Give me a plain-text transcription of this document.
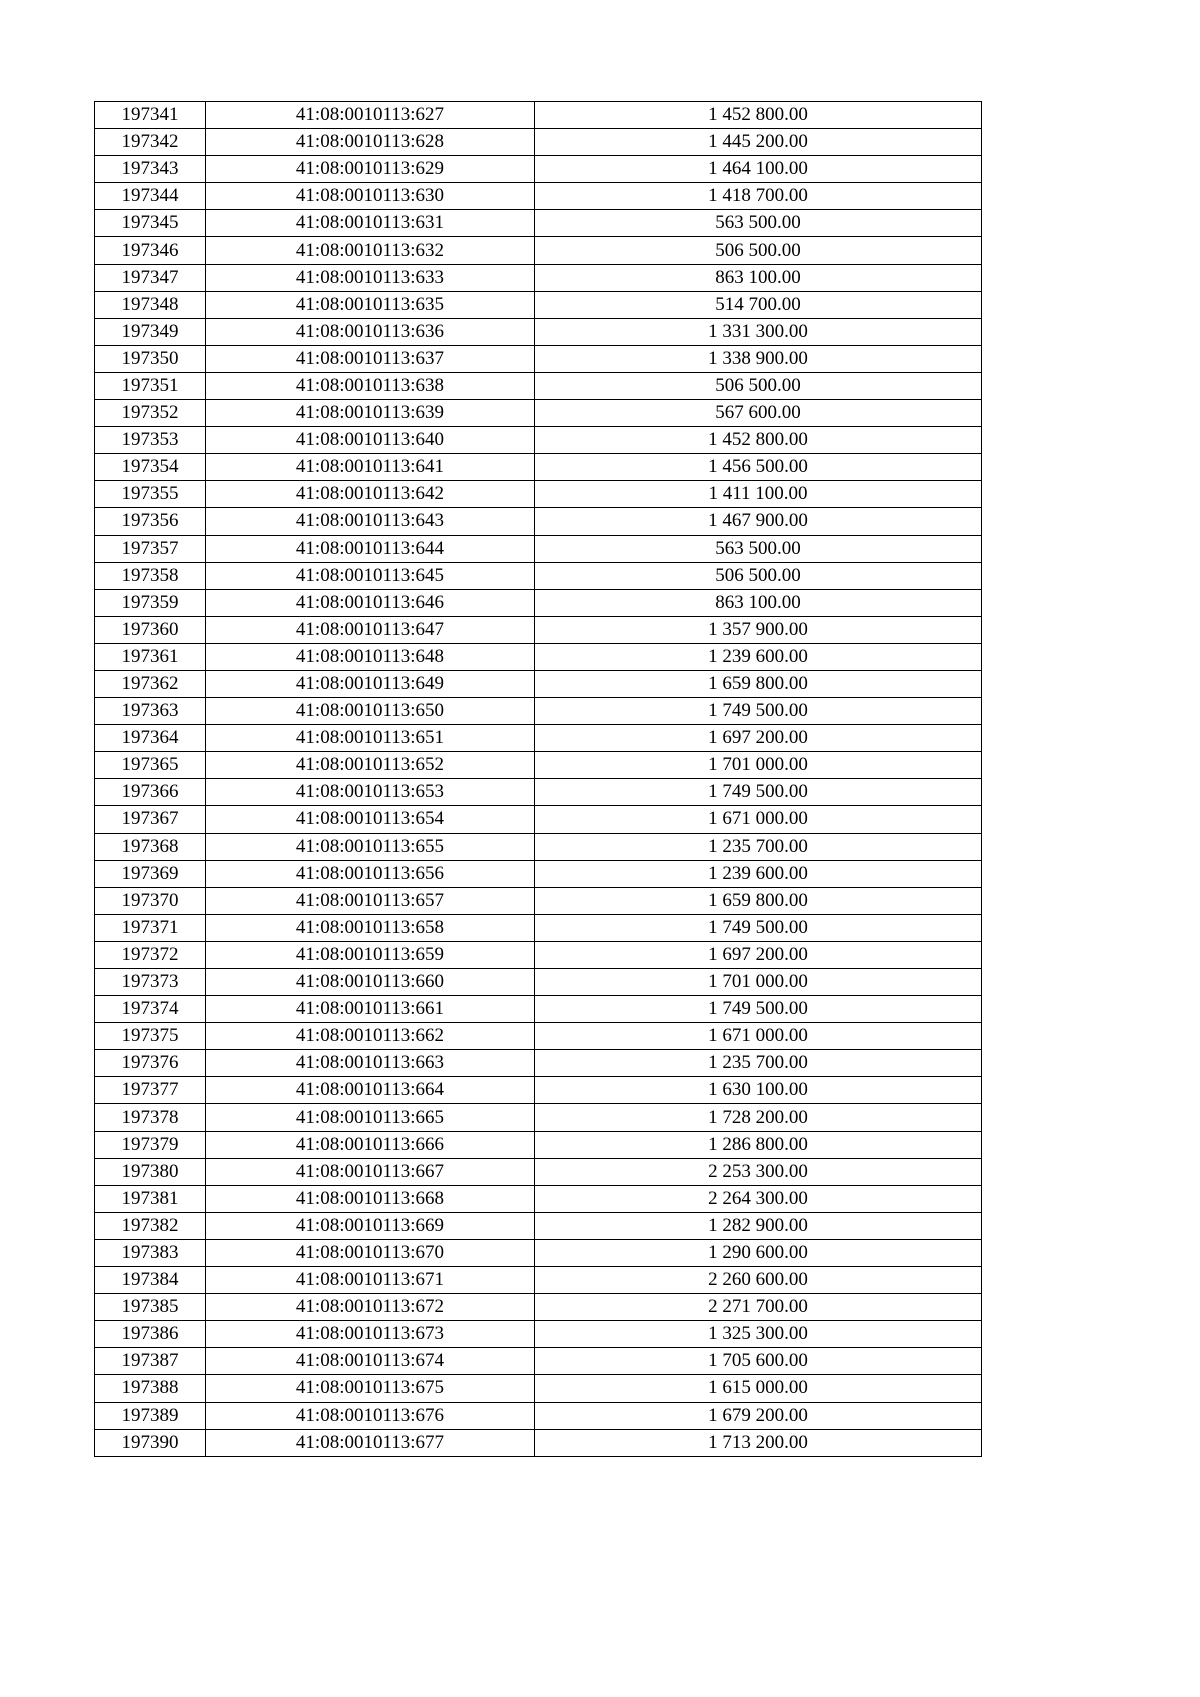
197341	41:08:0010113:627	1 452 800.00
197342	41:08:0010113:628	1 445 200.00
197343	41:08:0010113:629	1 464 100.00
197344	41:08:0010113:630	1 418 700.00
197345	41:08:0010113:631	563 500.00
197346	41:08:0010113:632	506 500.00
197347	41:08:0010113:633	863 100.00
197348	41:08:0010113:635	514 700.00
197349	41:08:0010113:636	1 331 300.00
197350	41:08:0010113:637	1 338 900.00
197351	41:08:0010113:638	506 500.00
197352	41:08:0010113:639	567 600.00
197353	41:08:0010113:640	1 452 800.00
197354	41:08:0010113:641	1 456 500.00
197355	41:08:0010113:642	1 411 100.00
197356	41:08:0010113:643	1 467 900.00
197357	41:08:0010113:644	563 500.00
197358	41:08:0010113:645	506 500.00
197359	41:08:0010113:646	863 100.00
197360	41:08:0010113:647	1 357 900.00
197361	41:08:0010113:648	1 239 600.00
197362	41:08:0010113:649	1 659 800.00
197363	41:08:0010113:650	1 749 500.00
197364	41:08:0010113:651	1 697 200.00
197365	41:08:0010113:652	1 701 000.00
197366	41:08:0010113:653	1 749 500.00
197367	41:08:0010113:654	1 671 000.00
197368	41:08:0010113:655	1 235 700.00
197369	41:08:0010113:656	1 239 600.00
197370	41:08:0010113:657	1 659 800.00
197371	41:08:0010113:658	1 749 500.00
197372	41:08:0010113:659	1 697 200.00
197373	41:08:0010113:660	1 701 000.00
197374	41:08:0010113:661	1 749 500.00
197375	41:08:0010113:662	1 671 000.00
197376	41:08:0010113:663	1 235 700.00
197377	41:08:0010113:664	1 630 100.00
197378	41:08:0010113:665	1 728 200.00
197379	41:08:0010113:666	1 286 800.00
197380	41:08:0010113:667	2 253 300.00
197381	41:08:0010113:668	2 264 300.00
197382	41:08:0010113:669	1 282 900.00
197383	41:08:0010113:670	1 290 600.00
197384	41:08:0010113:671	2 260 600.00
197385	41:08:0010113:672	2 271 700.00
197386	41:08:0010113:673	1 325 300.00
197387	41:08:0010113:674	1 705 600.00
197388	41:08:0010113:675	1 615 000.00
197389	41:08:0010113:676	1 679 200.00
197390	41:08:0010113:677	1 713 200.00
